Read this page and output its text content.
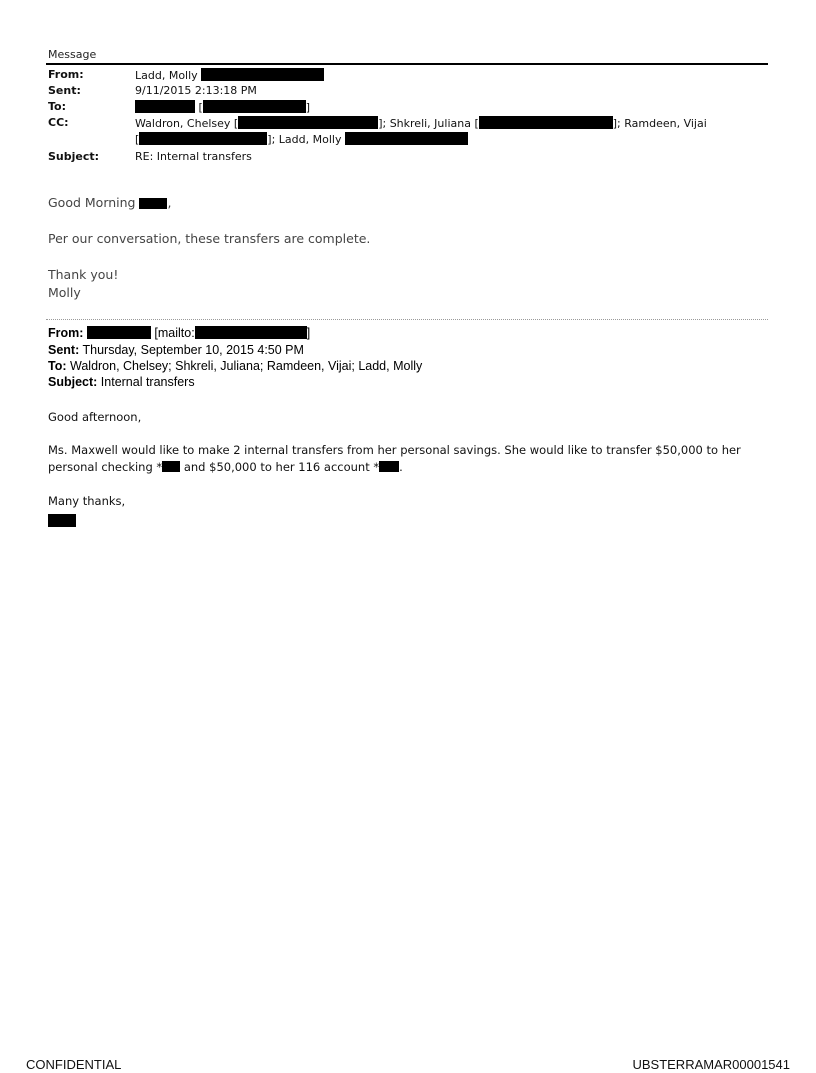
Message
From:	Ladd, Molly
Sent:	9/11/2015 2:13:18 PM
To:	[	]
CC:	Waldron, Chelsey [	]; Shkreli, Juliana [	]; Ramdeen, Vijai
[	]; Ladd, Molly
Subject:	RE: Internal transfers
Good Morning	,
Per our conversation, these transfers are complete.
Thank you!
Molly
From:	[mailto:	]
Sent: Thursday, September 10, 2015 4:50 PM
To: Waldron, Chelsey; Shkreli, Juliana; Ramdeen, Vijai; Ladd, Molly
Subject: Internal transfers
Good afternoon,
Ms. Maxwell would like to make 2 internal transfers from her personal savings. She would like to transfer $50,000 to her
personal checking * and $50,000 to her 116 account * .
Many thanks,
CONFIDENTIAL	UBSTERRAMAR00001541
